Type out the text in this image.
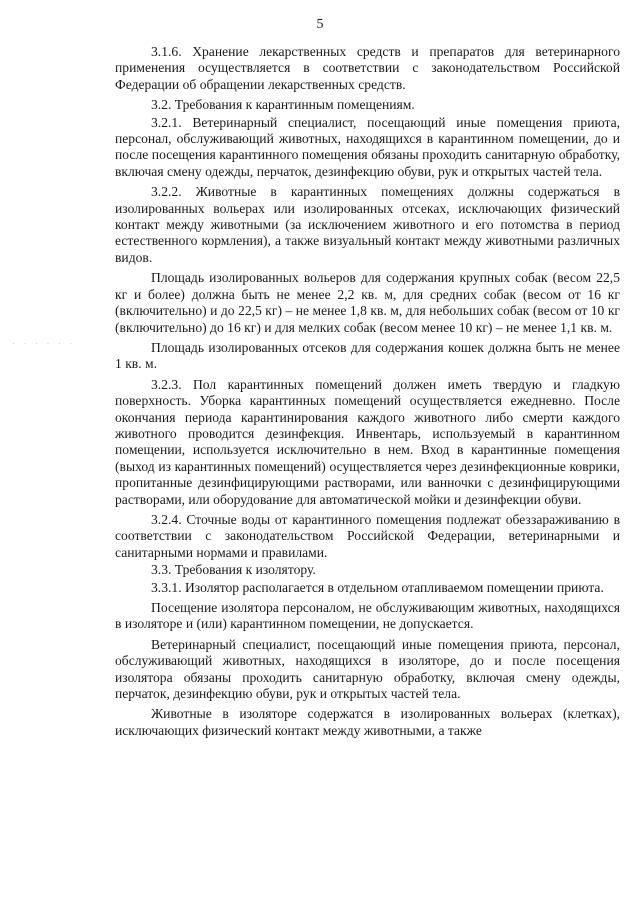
5
· · · · · ·

3.1.6. Хранение лекарственных средств и препаратов для ветеринарного применения осуществляется в соответствии с законодательством Российской Федерации об обращении лекарственных средств.

3.2. Требования к карантинным помещениям.

3.2.1. Ветеринарный специалист, посещающий иные помещения приюта, персонал, обслуживающий животных, находящихся в карантинном помещении, до и после посещения карантинного помещения обязаны проходить санитарную обработку, включая смену одежды, перчаток, дезинфекцию обуви, рук и открытых частей тела.

3.2.2. Животные в карантинных помещениях должны содержаться в изолированных вольерах или изолированных отсеках, исключающих физический контакт между животными (за исключением животного и его потомства в период естественного кормления), а также визуальный контакт между животными различных видов.

Площадь изолированных вольеров для содержания крупных собак (весом 22,5 кг и более) должна быть не менее 2,2 кв. м, для средних собак (весом от 16 кг (включительно) и до 22,5 кг) – не менее 1,8 кв. м, для небольших собак (весом от 10 кг (включительно) до 16 кг) и для мелких собак (весом менее 10 кг) – не менее 1,1 кв. м.

Площадь изолированных отсеков для содержания кошек должна быть не менее 1 кв. м.

3.2.3. Пол карантинных помещений должен иметь твердую и гладкую поверхность. Уборка карантинных помещений осуществляется ежедневно. После окончания периода карантинирования каждого животного либо смерти каждого животного проводится дезинфекция. Инвентарь, используемый в карантинном помещении, используется исключительно в нем. Вход в карантинные помещения (выход из карантинных помещений) осуществляется через дезинфекционные коврики, пропитанные дезинфицирующими растворами, или ванночки с дезинфицирующими растворами, или оборудование для автоматической мойки и дезинфекции обуви.

3.2.4. Сточные воды от карантинного помещения подлежат обеззараживанию в соответствии с законодательством Российской Федерации, ветеринарными и санитарными нормами и правилами.

3.3. Требования к изолятору.

3.3.1. Изолятор располагается в отдельном отапливаемом помещении приюта.

Посещение изолятора персоналом, не обслуживающим животных, находящихся в изоляторе и (или) карантинном помещении, не допускается.

Ветеринарный специалист, посещающий иные помещения приюта, персонал, обслуживающий животных, находящихся в изоляторе, до и после посещения изолятора обязаны проходить санитарную обработку, включая смену одежды, перчаток, дезинфекцию обуви, рук и открытых частей тела.

Животные в изоляторе содержатся в изолированных вольерах (клетках), исключающих физический контакт между животными, а также
